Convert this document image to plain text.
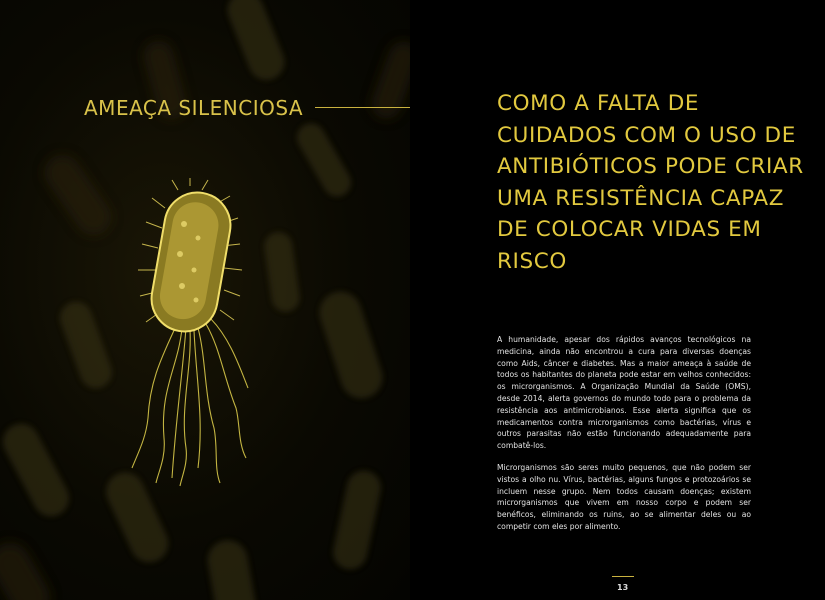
AMEAÇA SILENCIOSA	COMO A FALTA DE CUIDADOS COM O USO DE ANTIBIÓTICOS PODE CRIAR UMA RESISTÊNCIA CAPAZ DE COLOCAR VIDAS EM RISCO

A humanidade, apesar dos rápidos avanços tecnológicos na medicina, ainda não encontrou a cura para diversas doenças como Aids, câncer e diabetes. Mas a maior ameaça à saúde de todos os habitantes do planeta pode estar em velhos conhecidos: os microrganismos. A Organização Mundial da Saúde (OMS), desde 2014, alerta governos do mundo todo para o problema da resistência aos antimicrobianos. Esse alerta significa que os medicamentos contra microrganismos como bactérias, vírus e outros parasitas não estão funcionando adequadamente para combatê-los.

Microrganismos são seres muito pequenos, que não podem ser vistos a olho nu. Vírus, bactérias, alguns fungos e protozoários se incluem nesse grupo. Nem todos causam doenças; existem microrganismos que vivem em nosso corpo e podem ser benéficos, eliminando os ruins, ao se alimentar deles ou ao competir com eles por alimento.

13
